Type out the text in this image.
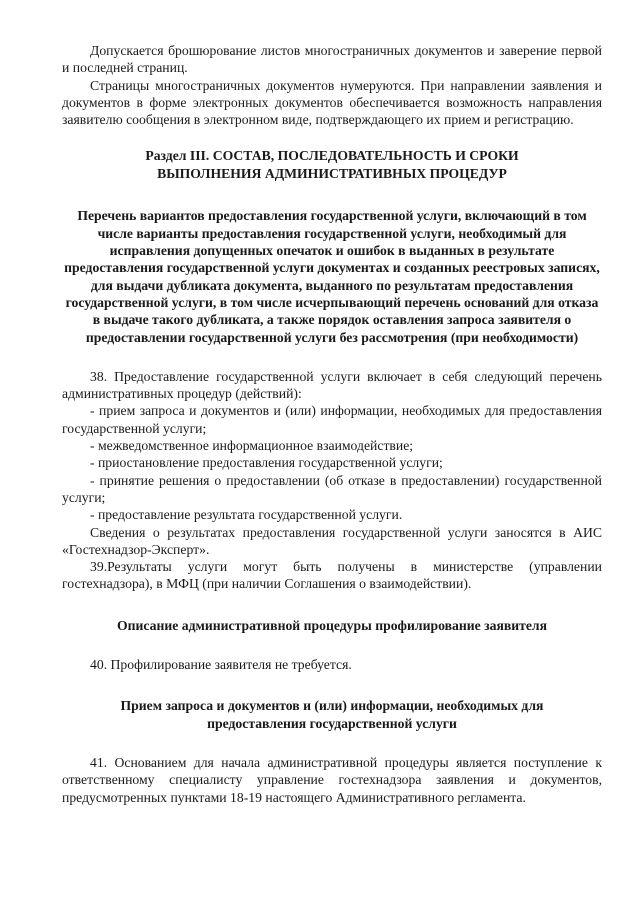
Допускается брошюрование листов многостраничных документов и заверение первой и последней страниц.

Страницы многостраничных документов нумеруются. При направлении заявления и документов в форме электронных документов обеспечивается возможность направления заявителю сообщения в электронном виде, подтверждающего их прием и регистрацию.

Раздел III. СОСТАВ, ПОСЛЕДОВАТЕЛЬНОСТЬ И СРОКИ ВЫПОЛНЕНИЯ АДМИНИСТРАТИВНЫХ ПРОЦЕДУР
Перечень вариантов предоставления государственной услуги, включающий в том числе варианты предоставления государственной услуги, необходимый для исправления допущенных опечаток и ошибок в выданных в результате предоставления государственной услуги документах и созданных реестровых записях, для выдачи дубликата документа, выданного по результатам предоставления государственной услуги, в том числе исчерпывающий перечень оснований для отказа в выдаче такого дубликата, а также порядок оставления запроса заявителя о предоставлении государственной услуги без рассмотрения (при необходимости)

38. Предоставление государственной услуги включает в себя следующий перечень административных процедур (действий):

- прием запроса и документов и (или) информации, необходимых для предоставления государственной услуги;

- межведомственное информационное взаимодействие;

- приостановление предоставления государственной услуги;

- принятие решения о предоставлении (об отказе в предоставлении) государственной услуги;

- предоставление результата государственной услуги.

Сведения о результатах предоставления государственной услуги заносятся в АИС «Гостехнадзор-Эксперт».

39.Результаты услуги могут быть получены в министерстве (управлении гостехнадзора), в МФЦ (при наличии Соглашения о взаимодействии).

Описание административной процедуры профилирование заявителя

40. Профилирование заявителя не требуется.

Прием запроса и документов и (или) информации, необходимых для предоставления государственной услуги

41. Основанием для начала административной процедуры является поступление к ответственному специалисту управление гостехнадзора заявления и документов, предусмотренных пунктами 18-19 настоящего Административного регламента.
